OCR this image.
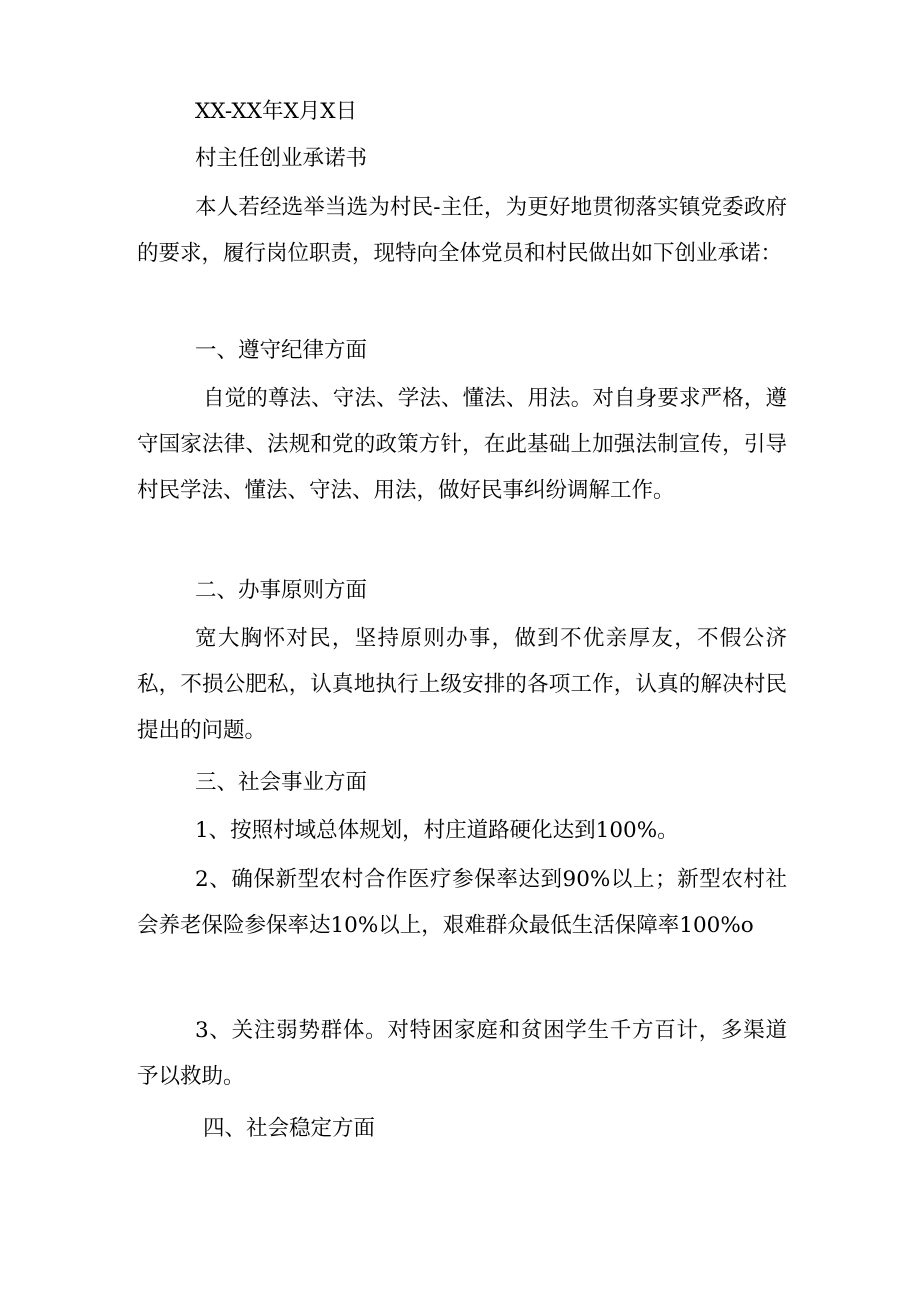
XX-XX年X月X日

村主任创业承诺书

本人若经选举当选为村民-主任，为更好地贯彻落实镇党委政府的要求，履行岗位职责，现特向全体党员和村民做出如下创业承诺：

一、遵守纪律方面

自觉的尊法、守法、学法、懂法、用法。对自身要求严格，遵守国家法律、法规和党的政策方针，在此基础上加强法制宣传，引导村民学法、懂法、守法、用法，做好民事纠纷调解工作。

二、办事原则方面

宽大胸怀对民，坚持原则办事，做到不优亲厚友，不假公济私，不损公肥私，认真地执行上级安排的各项工作，认真的解决村民提出的问题。

三、社会事业方面

1、按照村域总体规划，村庄道路硬化达到100%。

2、确保新型农村合作医疗参保率达到90%以上；新型农村社会养老保险参保率达10%以上，艰难群众最低生活保障率100%o

3、关注弱势群体。对特困家庭和贫困学生千方百计，多渠道予以救助。

四、社会稳定方面
